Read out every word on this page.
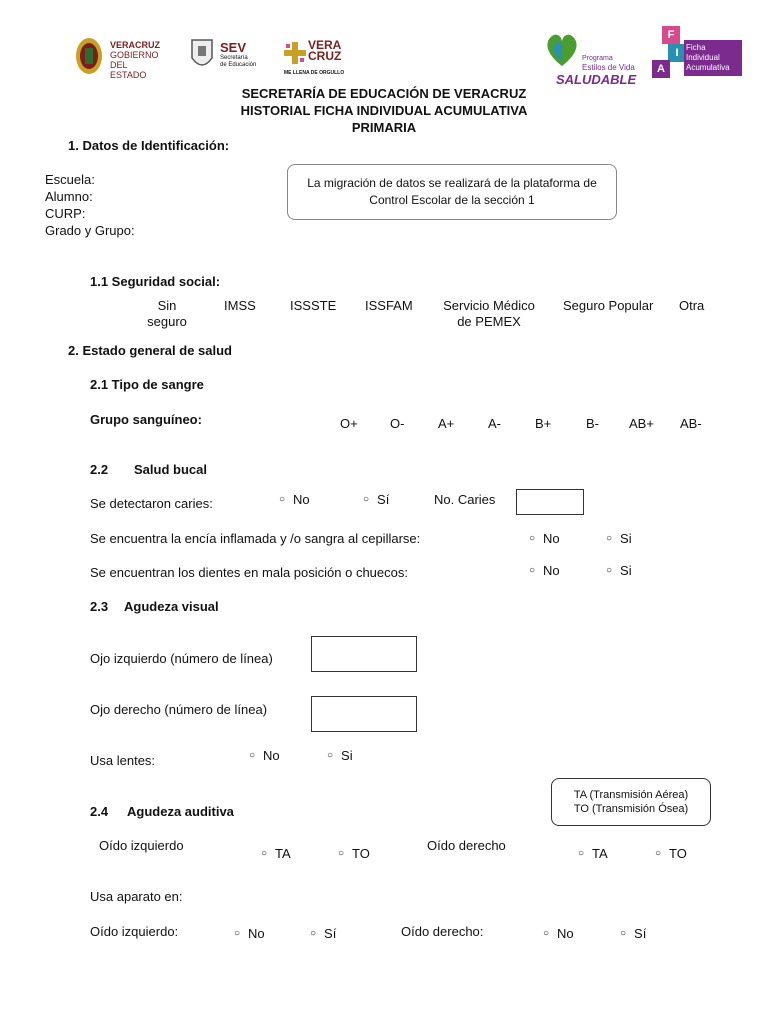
VERACRUZ
GOBIERNO
DEL ESTADO
SEV
Secretaría
de Educación
VERA
CRUZ
ME LLENA DE ORGULLO
Programa
Estilos de Vida
SALUDABLE
F
I
A
Ficha
Individual
Acumulativa
SECRETARÍA DE EDUCACIÓN DE VERACRUZ
HISTORIAL FICHA INDIVIDUAL ACUMULATIVA
PRIMARIA
1. Datos de Identificación:
Escuela:
Alumno:
CURP:
Grado y Grupo:
La migración de datos se realizará de la plataforma de Control Escolar de la sección 1
1.1 Seguridad social:
Sin seguro
IMSS	ISSSTE ISSFAM	Servicio Médico de PEMEX
Seguro Popular Otra
2. Estado general de salud
2.1 Tipo de sangre
Grupo sanguíneo:	O+ O-	A+	A-	B+	B- AB+ AB-
2.2 Salud bucal
Se detectaron caries:	○ No	○ Sí	No. Caries
Se encuentra la encía inflamada y /o sangra al cepillarse:	○ No	○ Si
Se encuentran los dientes en mala posición o chuecos:	○ No	○ Si
2.3 Agudeza visual
Ojo izquierdo (número de línea)
Ojo derecho (número de línea)
Usa lentes:	○ No	○ Si
TA (Transmisión Aérea)
TO (Transmisión Ósea)
2.4 Agudeza auditiva
Oído izquierdo
○ TA	○ TO
Oído derecho
○ TA	○ TO
Usa aparato en:
Oído izquierdo:	○ No	○ Sí	Oído derecho:	○ No	○ Sí
